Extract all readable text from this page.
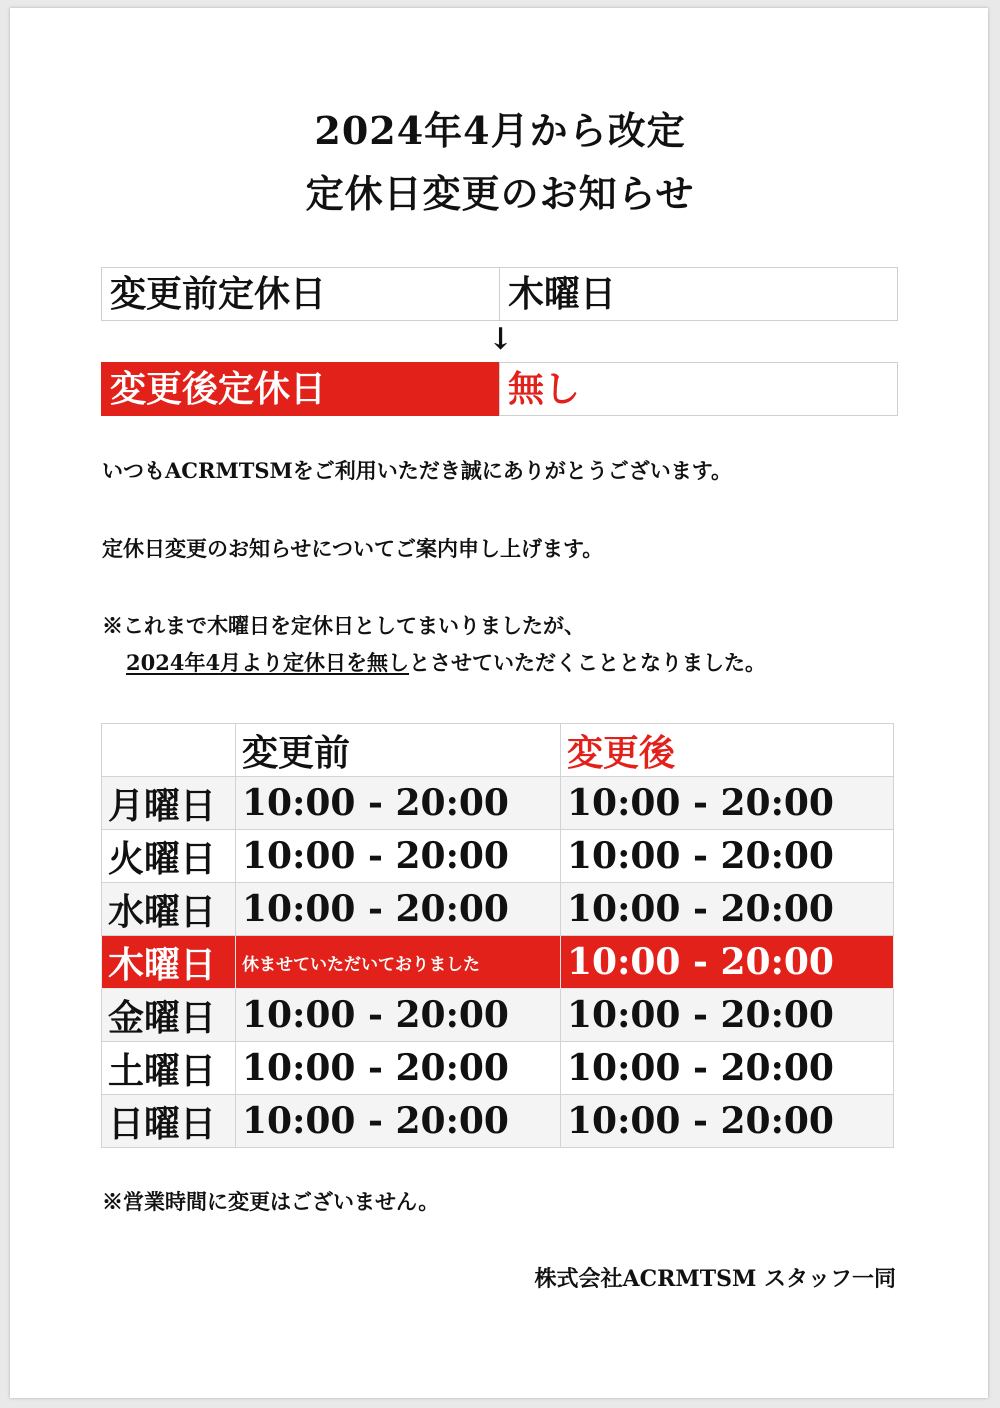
2024年4月から改定
定休日変更のお知らせ
変更前定休日	木曜日
↓
変更後定休日	無し
いつもACRMTSMをご利用いただき誠にありがとうございます。
定休日変更のお知らせについてご案内申し上げます。
※これまで木曜日を定休日としてまいりましたが、
2024年4月より定休日を無しとさせていただくこととなりました。
	変更前	変更後
月曜日	10:00 - 20:00	10:00 - 20:00
火曜日	10:00 - 20:00	10:00 - 20:00
水曜日	10:00 - 20:00	10:00 - 20:00
木曜日	休ませていただいておりました	10:00 - 20:00
金曜日	10:00 - 20:00	10:00 - 20:00
土曜日	10:00 - 20:00	10:00 - 20:00
日曜日	10:00 - 20:00	10:00 - 20:00
※営業時間に変更はございません。
株式会社ACRMTSM スタッフ一同
